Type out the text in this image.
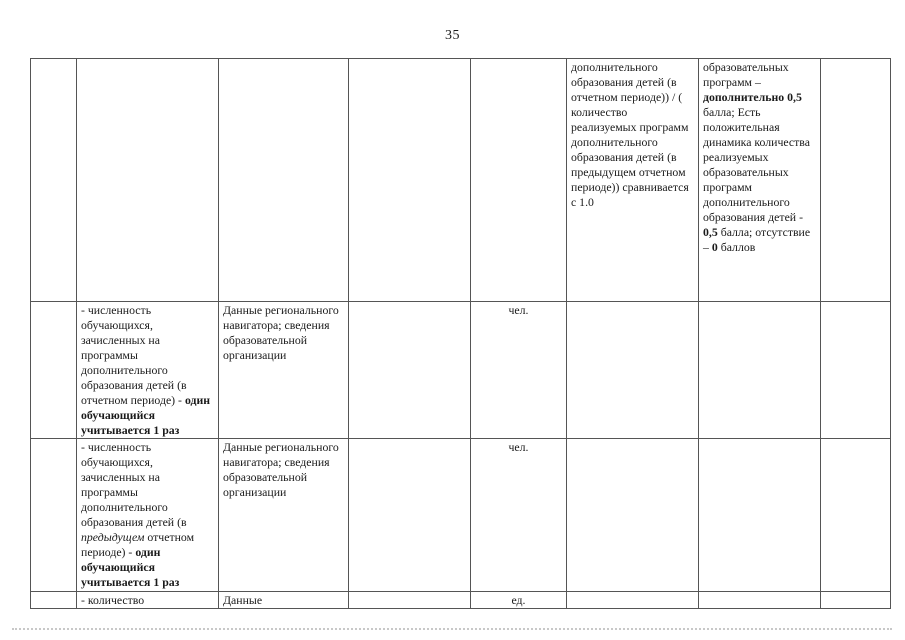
35
					дополнительного образования детей (в отчетном периоде)) / ( количество реализуемых программ дополнительного образования детей (в предыдущем отчетном периоде)) сравнивается с 1.0	образовательных программ – дополнительно 0,5 балла; Есть положительная динамика количества реализуемых образовательных программ дополнительного образования детей - 0,5 балла; отсутствие – 0 баллов	
	- численность обучающихся, зачисленных на программы дополнительного образования детей (в отчетном периоде) - один обучающийся учитывается 1 раз	Данные регионального навигатора; сведения образовательной организации		чел.			
	- численность обучающихся, зачисленных на программы дополнительного образования детей (в предыдущем отчетном периоде) - один обучающийся учитывается 1 раз	Данные регионального навигатора; сведения образовательной организации		чел.			
	- количество	Данные		ед.			
